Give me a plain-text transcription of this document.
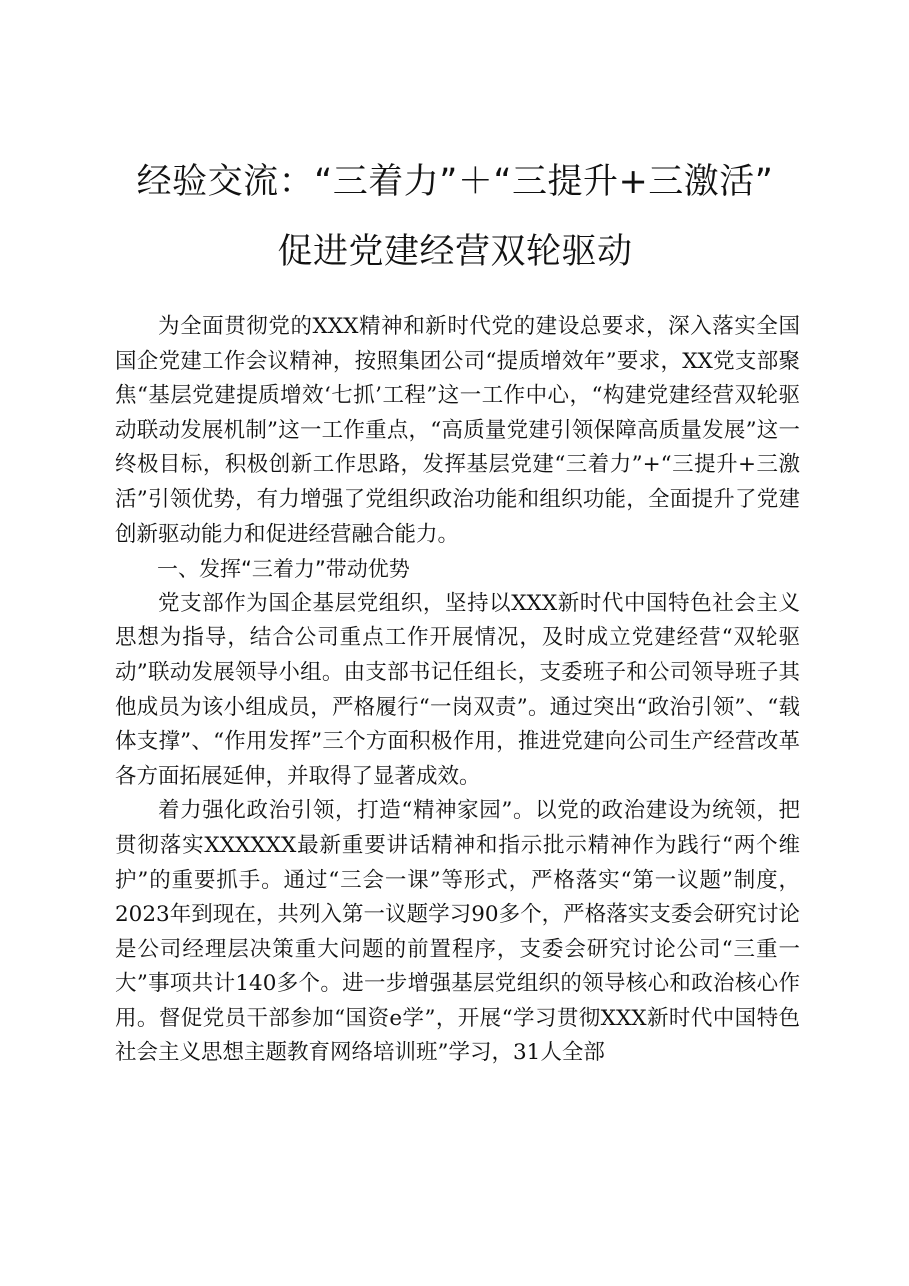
经验交流：“三着力”＋“三提升+三激活”
促进党建经营双轮驱动

为全面贯彻党的XXX精神和新时代党的建设总要求，深入落实全国国企党建工作会议精神，按照集团公司“提质增效年”要求，XX党支部聚焦“基层党建提质增效‘七抓’工程”这一工作中心，“构建党建经营双轮驱动联动发展机制”这一工作重点，“高质量党建引领保障高质量发展”这一终极目标，积极创新工作思路，发挥基层党建“三着力”+“三提升+三激活”引领优势，有力增强了党组织政治功能和组织功能，全面提升了党建创新驱动能力和促进经营融合能力。

一、发挥“三着力”带动优势

党支部作为国企基层党组织，坚持以XXX新时代中国特色社会主义思想为指导，结合公司重点工作开展情况，及时成立党建经营“双轮驱动”联动发展领导小组。由支部书记任组长，支委班子和公司领导班子其他成员为该小组成员，严格履行“一岗双责”。通过突出“政治引领”、“载体支撑”、“作用发挥”三个方面积极作用，推进党建向公司生产经营改革各方面拓展延伸，并取得了显著成效。

着力强化政治引领，打造“精神家园”。以党的政治建设为统领，把贯彻落实XXXXXX最新重要讲话精神和指示批示精神作为践行“两个维护”的重要抓手。通过“三会一课”等形式，严格落实“第一议题”制度，2023年到现在，共列入第一议题学习90多个，严格落实支委会研究讨论是公司经理层决策重大问题的前置程序，支委会研究讨论公司“三重一大”事项共计140多个。进一步增强基层党组织的领导核心和政治核心作用。督促党员干部参加“国资e学”，开展“学习贯彻XXX新时代中国特色社会主义思想主题教育网络培训班”学习，31人全部
